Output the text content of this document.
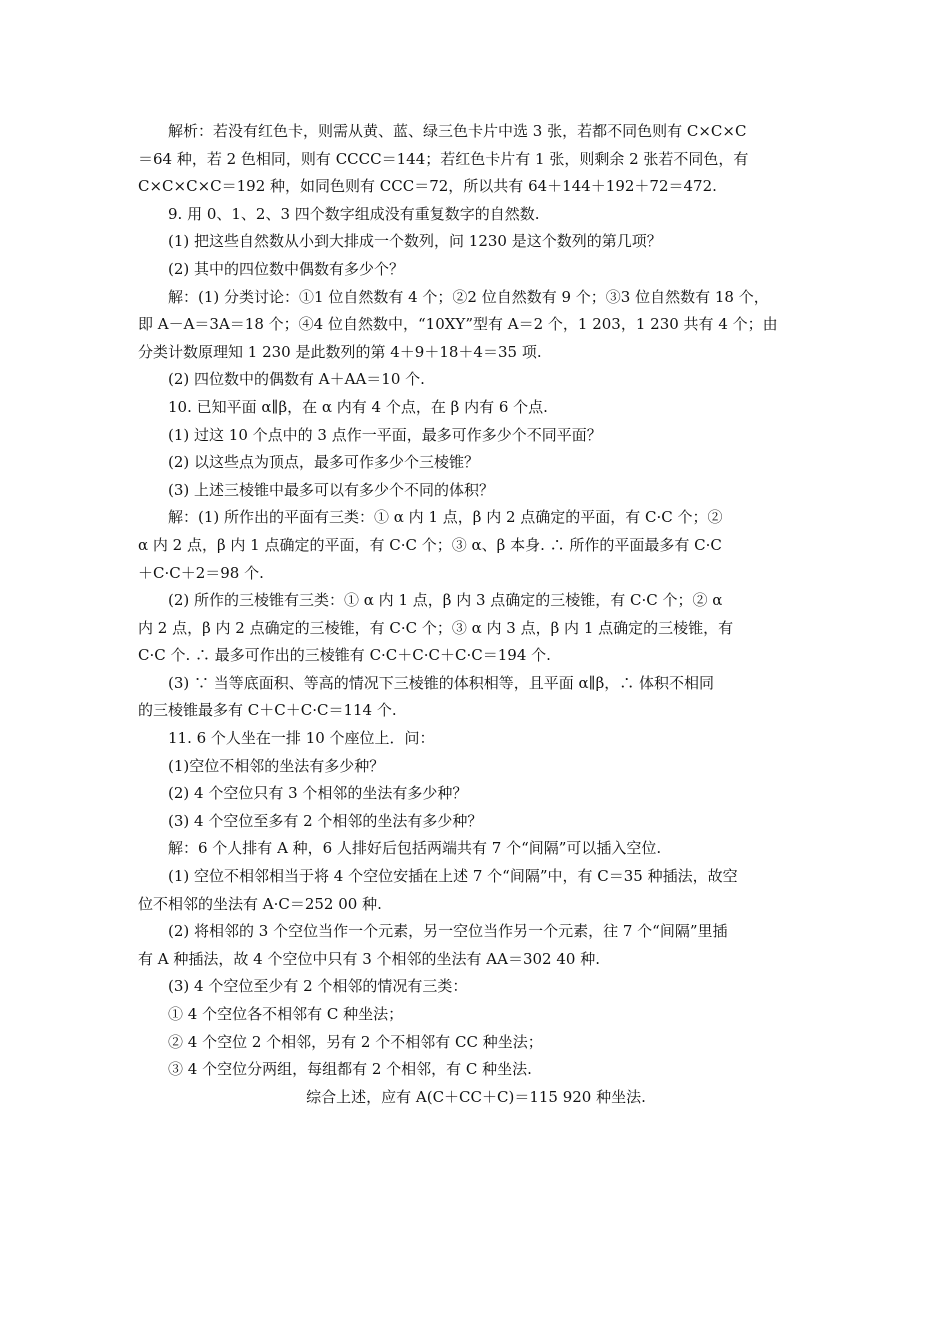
解析：若没有红色卡，则需从黄、蓝、绿三色卡片中选 3 张，若都不同色则有 C×C×C
＝64 种，若 2 色相同，则有 CCCC＝144；若红色卡片有 1 张，则剩余 2 张若不同色，有
C×C×C×C＝192 种，如同色则有 CCC＝72，所以共有 64＋144＋192＋72＝472.
9. 用 0、1、2、3 四个数字组成没有重复数字的自然数.
(1) 把这些自然数从小到大排成一个数列，问 1230 是这个数列的第几项？
(2) 其中的四位数中偶数有多少个？
解：(1) 分类讨论：①1 位自然数有 4 个；②2 位自然数有 9 个；③3 位自然数有 18 个，
即 A－A＝3A＝18 个；④4 位自然数中，“10XY”型有 A＝2 个，1 203，1 230 共有 4 个；由
分类计数原理知 1 230 是此数列的第 4＋9＋18＋4＝35 项.
(2) 四位数中的偶数有 A＋AA＝10 个.
10. 已知平面 α∥β，在 α 内有 4 个点，在 β 内有 6 个点.
(1) 过这 10 个点中的 3 点作一平面，最多可作多少个不同平面？
(2) 以这些点为顶点，最多可作多少个三棱锥？
(3) 上述三棱锥中最多可以有多少个不同的体积？
解：(1) 所作出的平面有三类：① α 内 1 点，β 内 2 点确定的平面，有 C·C 个；②
α 内 2 点，β 内 1 点确定的平面，有 C·C 个；③ α、β 本身. ∴ 所作的平面最多有 C·C
＋C·C＋2＝98 个.
(2) 所作的三棱锥有三类：① α 内 1 点，β 内 3 点确定的三棱锥，有 C·C 个；② α
内 2 点，β 内 2 点确定的三棱锥，有 C·C 个；③ α 内 3 点，β 内 1 点确定的三棱锥，有
C·C 个. ∴ 最多可作出的三棱锥有 C·C＋C·C＋C·C＝194 个.
(3) ∵ 当等底面积、等高的情况下三棱锥的体积相等，且平面 α∥β，∴ 体积不相同
的三棱锥最多有 C＋C＋C·C＝114 个.
11. 6 个人坐在一排 10 个座位上．问：
(1)空位不相邻的坐法有多少种？
(2) 4 个空位只有 3 个相邻的坐法有多少种？
(3) 4 个空位至多有 2 个相邻的坐法有多少种？
解：6 个人排有 A 种，6 人排好后包括两端共有 7 个“间隔”可以插入空位.
(1) 空位不相邻相当于将 4 个空位安插在上述 7 个“间隔”中，有 C＝35 种插法，故空
位不相邻的坐法有 A·C＝252 00 种.
(2) 将相邻的 3 个空位当作一个元素，另一空位当作另一个元素，往 7 个“间隔”里插
有 A 种插法，故 4 个空位中只有 3 个相邻的坐法有 AA＝302 40 种.
(3) 4 个空位至少有 2 个相邻的情况有三类：
① 4 个空位各不相邻有 C 种坐法；
② 4 个空位 2 个相邻，另有 2 个不相邻有 CC 种坐法；
③ 4 个空位分两组，每组都有 2 个相邻，有 C 种坐法.
综合上述，应有 A(C＋CC＋C)＝115 920 种坐法.
